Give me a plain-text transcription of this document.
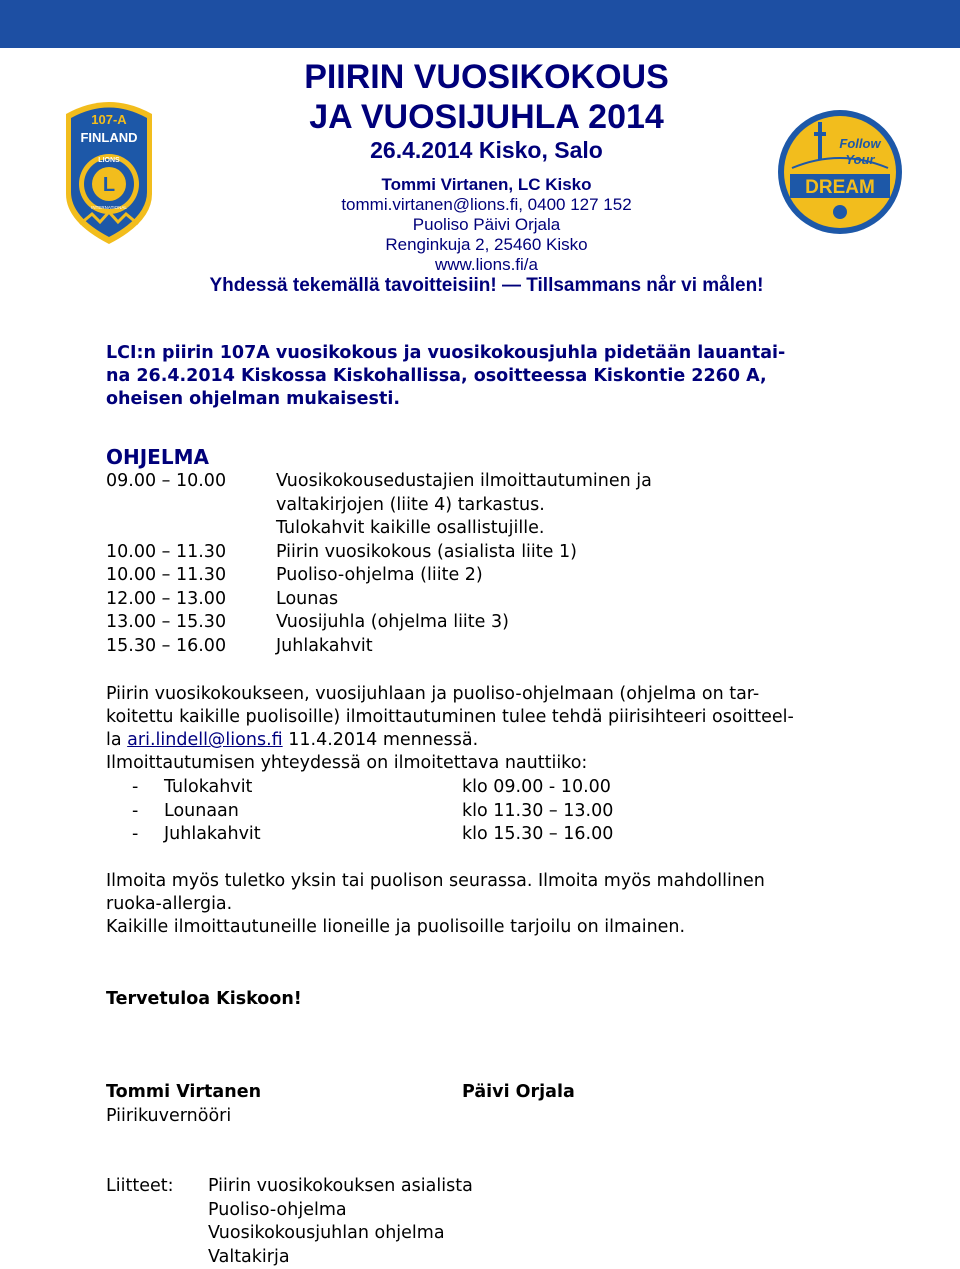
107-A
FINLAND
LIONS
L
INTERNATIONAL
Follow
Your
DREAM
PIIRIN VUOSIKOKOUS
JA VUOSIJUHLA 2014
26.4.2014 Kisko, Salo
Tommi Virtanen, LC Kisko
tommi.virtanen@lions.fi, 0400 127 152
Puoliso Päivi Orjala
Renginkuja 2, 25460 Kisko
www.lions.fi/a
Yhdessä tekemällä tavoitteisiin! — Tillsammans når vi målen!
LCI:n piirin 107A vuosikokous ja vuosikokousjuhla pidetään lauantai-
na 26.4.2014 Kiskossa Kiskohallissa, osoitteessa Kiskontie 2260 A,
oheisen ohjelman mukaisesti.
OHJELMA
09.00 – 10.00	Vuosikokousedustajien ilmoittautuminen ja
valtakirjojen (liite 4) tarkastus.
Tulokahvit kaikille osallistujille.
10.00 – 11.30	Piirin vuosikokous (asialista liite 1)
10.00 – 11.30	Puoliso-ohjelma (liite 2)
12.00 – 13.00	Lounas
13.00 – 15.30	Vuosijuhla (ohjelma liite 3)
15.30 – 16.00	Juhlakahvit
Piirin vuosikokoukseen, vuosijuhlaan ja puoliso-ohjelmaan (ohjelma on tar-
koitettu kaikille puolisoille) ilmoittautuminen tulee tehdä piirisihteeri osoitteel-
la ari.lindell@lions.fi 11.4.2014 mennessä.
Ilmoittautumisen yhteydessä on ilmoitettava nauttiiko:
-	Tulokahvit	klo 09.00 - 10.00
-	Lounaan	klo 11.30 – 13.00
-	Juhlakahvit	klo 15.30 – 16.00
Ilmoita myös tuletko yksin tai puolison seurassa. Ilmoita myös mahdollinen
ruoka-allergia.
Kaikille ilmoittautuneille lioneille ja puolisoille tarjoilu on ilmainen.
Tervetuloa Kiskoon!
Tommi Virtanen
Piirikuvernööri
Päivi Orjala
Liitteet:	Piirin vuosikokouksen asialista
Puoliso-ohjelma
Vuosikokousjuhlan ohjelma
Valtakirja
